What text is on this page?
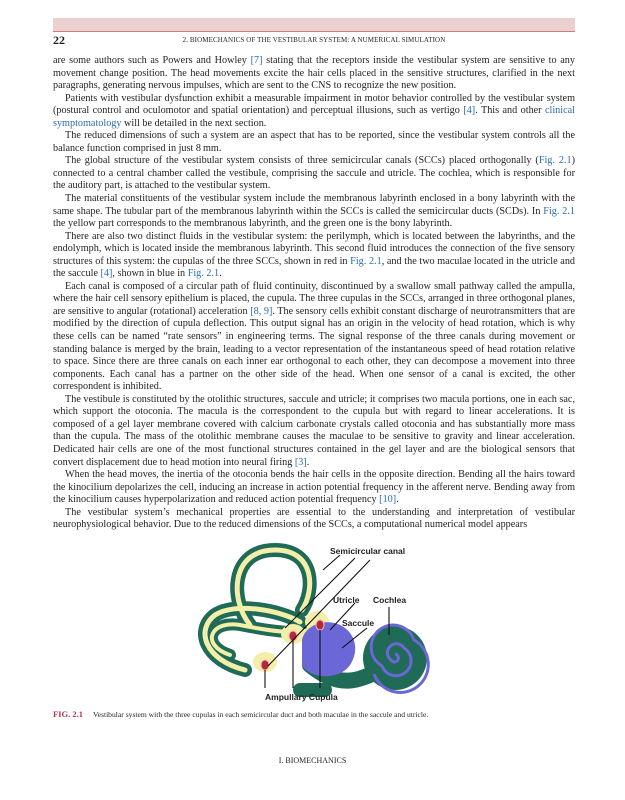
22	2. BIOMECHANICS OF THE VESTIBULAR SYSTEM: A NUMERICAL SIMULATION

are some authors such as Powers and Howley [7] stating that the receptors inside the vestibular system are sensitive to any movement change position. The head movements excite the hair cells placed in the sensitive structures, clarified in the next paragraphs, generating nervous impulses, which are sent to the CNS to recognize the new position.

Patients with vestibular dysfunction exhibit a measurable impairment in motor behavior controlled by the vestibular system (postural control and oculomotor and spatial orientation) and perceptual illusions, such as vertigo [4]. This and other clinical symptomatology will be detailed in the next section.

The reduced dimensions of such a system are an aspect that has to be reported, since the vestibular system controls all the balance function comprised in just 8 mm.

The global structure of the vestibular system consists of three semicircular canals (SCCs) placed orthogonally (Fig. 2.1) connected to a central chamber called the vestibule, comprising the saccule and utricle. The cochlea, which is responsible for the auditory part, is attached to the vestibular system.

The material constituents of the vestibular system include the membranous labyrinth enclosed in a bony labyrinth with the same shape. The tubular part of the membranous labyrinth within the SCCs is called the semicircular ducts (SCDs). In Fig. 2.1 the yellow part corresponds to the membranous labyrinth, and the green one is the bony labyrinth.

There are also two distinct fluids in the vestibular system: the perilymph, which is located between the labyrinths, and the endolymph, which is located inside the membranous labyrinth. This second fluid introduces the connection of the five sensory structures of this system: the cupulas of the three SCCs, shown in red in Fig. 2.1, and the two maculae located in the utricle and the saccule [4], shown in blue in Fig. 2.1.

Each canal is composed of a circular path of fluid continuity, discontinued by a swallow small pathway called the ampulla, where the hair cell sensory epithelium is placed, the cupula. The three cupulas in the SCCs, arranged in three orthogonal planes, are sensitive to angular (rotational) acceleration [8, 9]. The sensory cells exhibit constant discharge of neurotransmitters that are modified by the direction of cupula deflection. This output signal has an origin in the velocity of head rotation, which is why these cells can be named “rate sensors” in engineering terms. The signal response of the three canals during movement or standing balance is merged by the brain, leading to a vector representation of the instantaneous speed of head rotation relative to space. Since there are three canals on each inner ear orthogonal to each other, they can decompose a movement into three components. Each canal has a partner on the other side of the head. When one sensor of a canal is excited, the other correspondent is inhibited.

The vestibule is constituted by the otolithic structures, saccule and utricle; it comprises two macula portions, one in each sac, which support the otoconia. The macula is the correspondent to the cupula but with regard to linear accelerations. It is composed of a gel layer membrane covered with calcium carbonate crystals called otoconia and has substantially more mass than the cupula. The mass of the otolithic membrane causes the maculae to be sensitive to gravity and linear acceleration. Dedicated hair cells are one of the most functional structures contained in the gel layer and are the biological sensors that convert displacement due to head motion into neural firing [3].

When the head moves, the inertia of the otoconia bends the hair cells in the opposite direction. Bending all the hairs toward the kinocilium depolarizes the cell, inducing an increase in action potential frequency in the afferent nerve. Bending away from the kinocilium causes hyperpolarization and reduced action potential frequency [10].

The vestibular system’s mechanical properties are essential to the understanding and interpretation of vestibular neurophysiological behavior. Due to the reduced dimensions of the SCCs, a computational numerical model appears

Semicircular canal
Utricle Cochlea
Saccule
Ampullary Cupula
FIG. 2.1 Vestibular system with the three cupulas in each semicircular duct and both maculae in the saccule and utricle.
I. BIOMECHANICS
